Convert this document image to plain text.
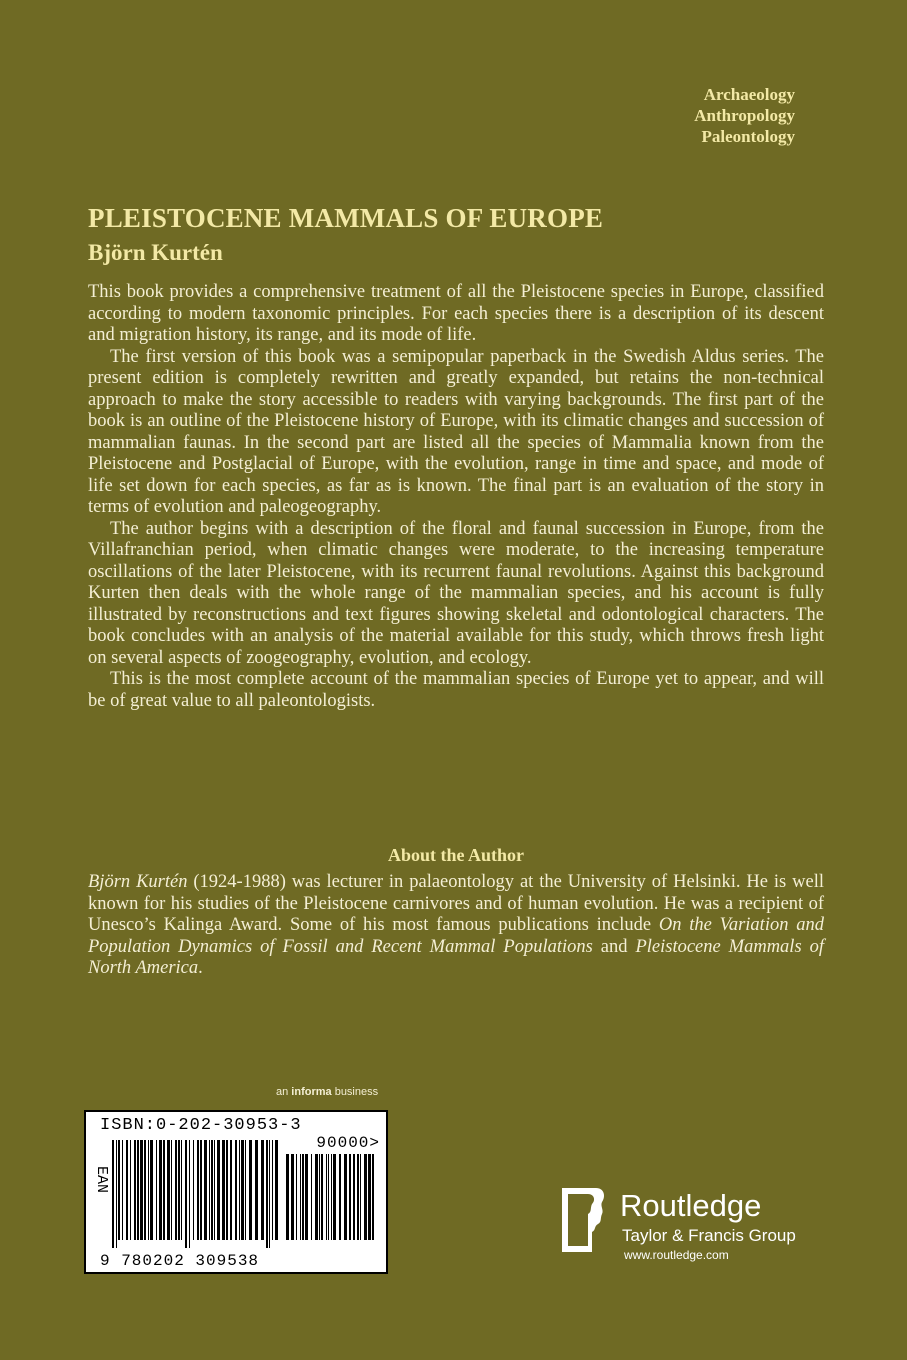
Archaeology
Anthropology
Paleontology
PLEISTOCENE MAMMALS OF EUROPE
Björn Kurtén

This book provides a comprehensive treatment of all the Pleistocene species in Europe, classified according to modern taxonomic principles. For each species there is a description of its descent and migration history, its range, and its mode of life.

The first version of this book was a semipopular paperback in the Swedish Aldus series. The present edition is completely rewritten and greatly expanded, but retains the non-technical approach to make the story accessible to readers with varying backgrounds. The first part of the book is an outline of the Pleistocene history of Europe, with its climatic changes and succession of mammalian faunas. In the second part are listed all the species of Mammalia known from the Pleistocene and Postglacial of Europe, with the evolution, range in time and space, and mode of life set down for each species, as far as is known. The final part is an evaluation of the story in terms of evolution and paleogeography.

The author begins with a description of the floral and faunal succession in Europe, from the Villafranchian period, when climatic changes were moderate, to the increasing temperature oscillations of the later Pleistocene, with its recurrent faunal revolutions. Against this background Kurten then deals with the whole range of the mammalian species, and his account is fully illustrated by reconstructions and text figures showing skeletal and odontological characters. The book concludes with an analysis of the material available for this study, which throws fresh light on several aspects of zoogeography, evolution, and ecology.

This is the most complete account of the mammalian species of Europe yet to appear, and will be of great value to all paleontologists.

About the Author

Björn Kurtén (1924-1988) was lecturer in palaeontology at the University of Helsinki. He is well known for his studies of the Pleistocene carnivores and of human evolution. He was a recipient of Unesco’s Kalinga Award. Some of his most famous publications include On the Variation and Population Dynamics of Fossil and Recent Mammal Populations and Pleistocene Mammals of North America.

an informa business
ISBN:0-202-30953-3
90000>
EAN
9 780202 309538
Routledge
Taylor & Francis Group
www.routledge.com
